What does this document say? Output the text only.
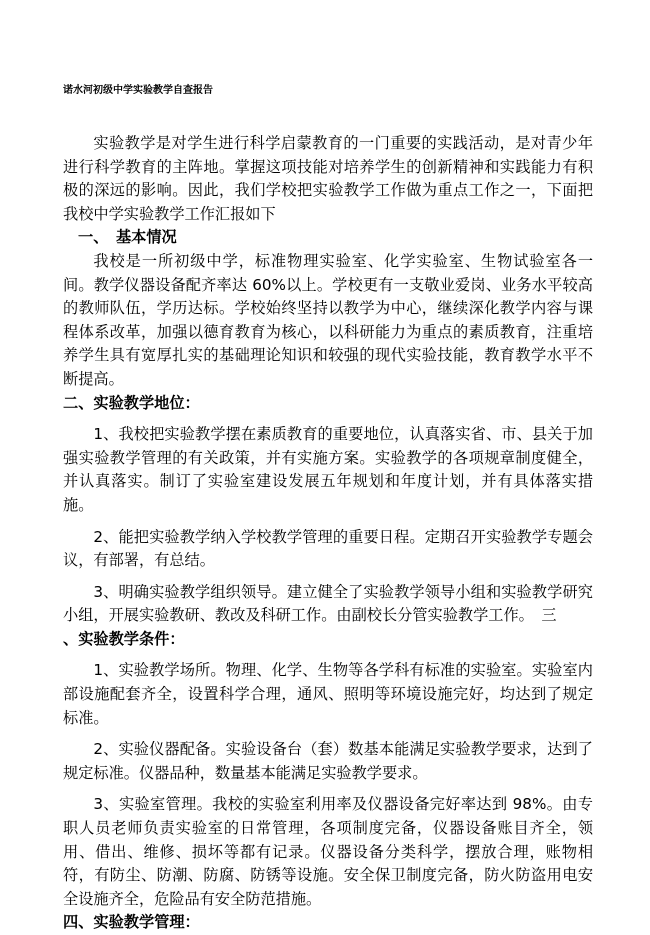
诺水河初级中学实验教学自查报告

实验教学是对学生进行科学启蒙教育的一门重要的实践活动，是对青少年进行科学教育的主阵地。掌握这项技能对培养学生的创新精神和实践能力有积极的深远的影响。因此，我们学校把实验教学工作做为重点工作之一，下面把我校中学实验教学工作汇报如下

一、　基本情况

我校是一所初级中学，标准物理实验室、化学实验室、生物试验室各一间。教学仪器设备配齐率达 60%以上。学校更有一支敬业爱岗、业务水平较高的教师队伍，学历达标。学校始终坚持以教学为中心，继续深化教学内容与课程体系改革，加强以德育教育为核心，以科研能力为重点的素质教育，注重培养学生具有宽厚扎实的基础理论知识和较强的现代实验技能，教育教学水平不断提高。

二、实验教学地位：

1、我校把实验教学摆在素质教育的重要地位，认真落实省、市、县关于加强实验教学管理的有关政策，并有实施方案。实验教学的各项规章制度健全，并认真落实。制订了实验室建设发展五年规划和年度计划，并有具体落实措施。

2、能把实验教学纳入学校教学管理的重要日程。定期召开实验教学专题会议，有部署，有总结。

3、明确实验教学组织领导。建立健全了实验教学领导小组和实验教学研究小组，开展实验教研、教改及科研工作。由副校长分管实验教学工作。　三

、实验教学条件：

1、实验教学场所。物理、化学、生物等各学科有标准的实验室。实验室内部设施配套齐全，设置科学合理，通风、照明等环境设施完好，均达到了规定标准。

2、实验仪器配备。实验设备台（套）数基本能满足实验教学要求，达到了规定标准。仪器品种，数量基本能满足实验教学要求。

3、实验室管理。我校的实验室利用率及仪器设备完好率达到 98%。由专职人员老师负责实验室的日常管理，各项制度完备，仪器设备账目齐全，领用、借出、维修、损坏等都有记录。仪器设备分类科学，摆放合理，账物相符，有防尘、防潮、防腐、防锈等设施。安全保卫制度完备，防火防盗用电安全设施齐全，危险品有安全防范措施。

四、实验教学管理：
